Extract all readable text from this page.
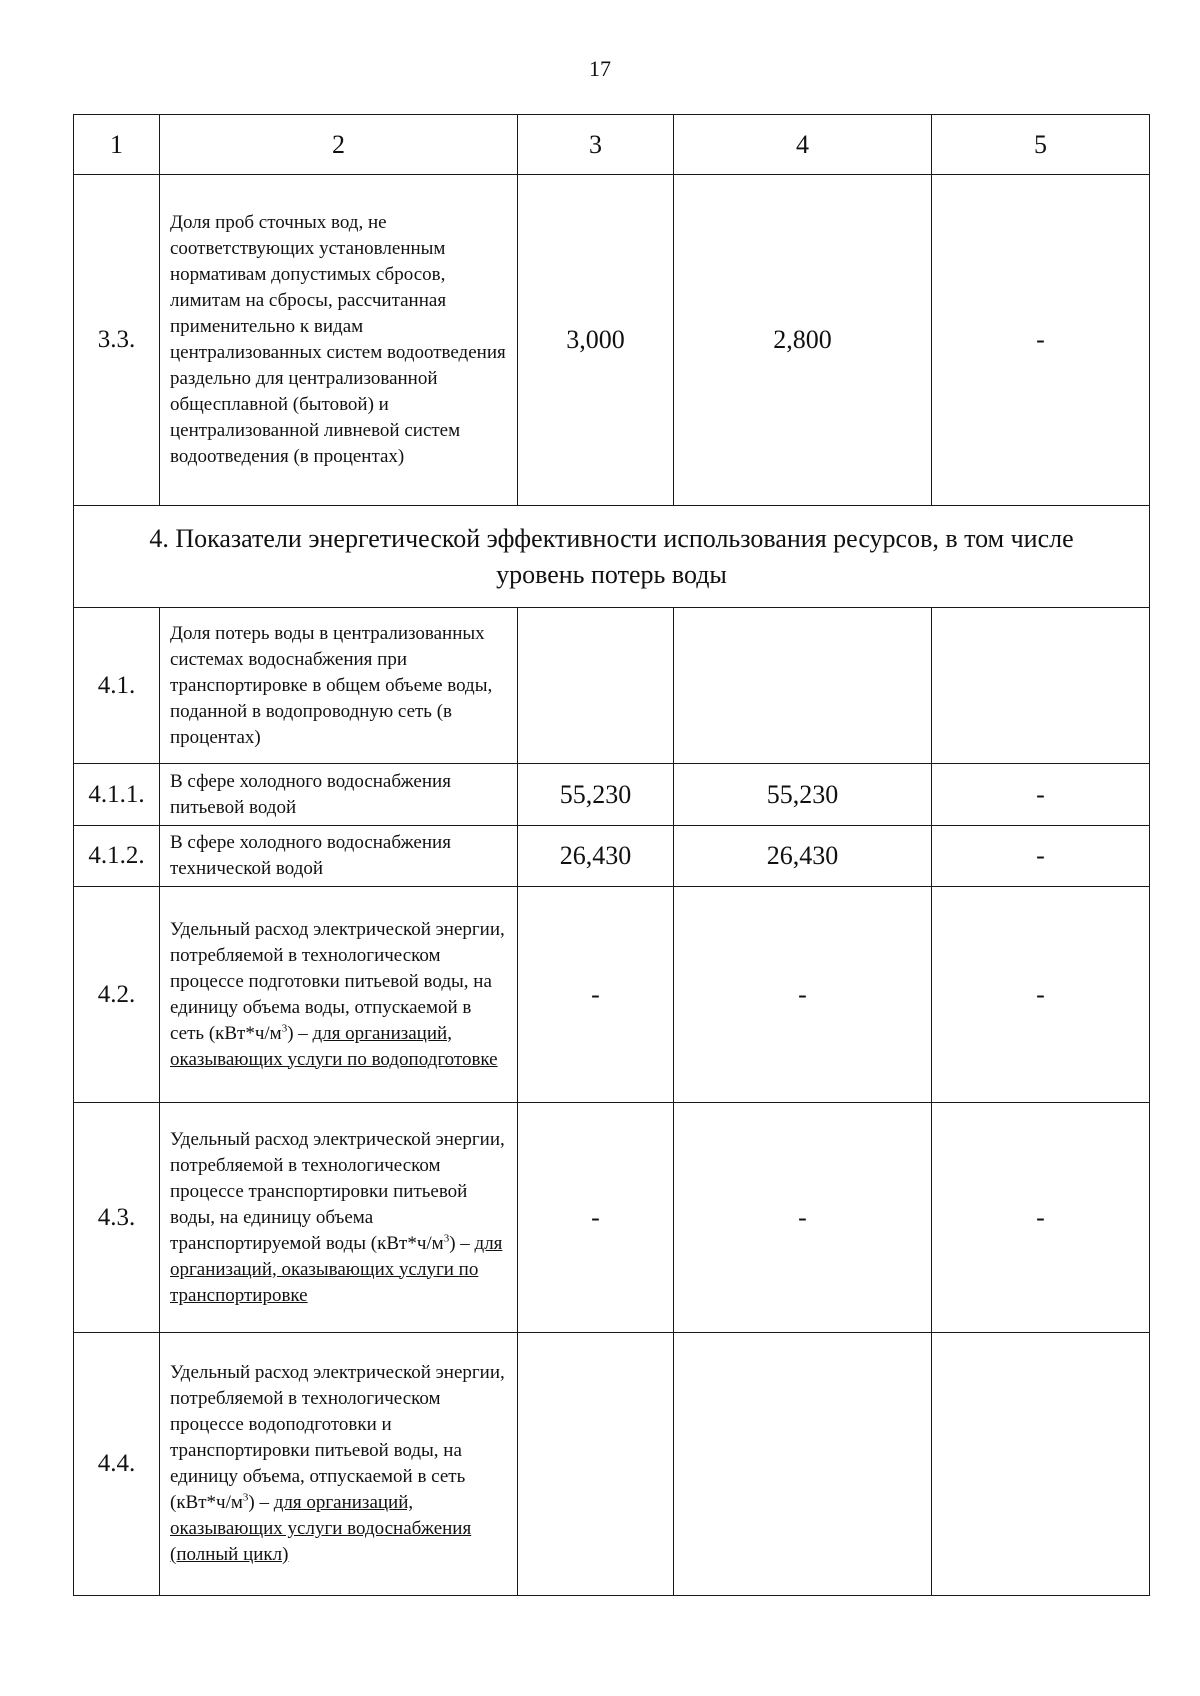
17
1	2	3	4	5
3.3.	Доля проб сточных вод, не соответствующих установленным нормативам допустимых сбросов, лимитам на сбросы, рассчитанная применительно к видам централизованных систем водоотведения раздельно для централизованной общесплавной (бытовой) и централизованной ливневой систем водоотведения (в процентах)	3,000	2,800	-
4. Показатели энергетической эффективности использования ресурсов, в том числе уровень потерь воды				
4.1.	Доля потерь воды в централизованных системах водоснабжения при транспортировке в общем объеме воды, поданной в водопроводную сеть (в процентах)			
4.1.1.	В сфере холодного водоснабжения питьевой водой	55,230	55,230	-
4.1.2.	В сфере холодного водоснабжения технической водой	26,430	26,430	-
4.2.	Удельный расход электрической энергии, потребляемой в технологическом процессе подготовки питьевой воды, на единицу объема воды, отпускаемой в сеть $(кВт*ч/м^3)$ – для организаций, оказывающих услуги по водоподготовке	-	-	-
4.3.	Удельный расход электрической энергии, потребляемой в технологическом процессе транспортировки питьевой воды, на единицу объема транспортируемой воды $(кВт*ч/м^3)$ – для организаций, оказывающих услуги по транспортировке	-	-	-
4.4.	Удельный расход электрической энергии, потребляемой в технологическом процессе водоподготовки и транспортировки питьевой воды, на единицу объема, отпускаемой в сеть $(кВт*ч/м^3)$ – для организаций, оказывающих услуги водоснабжения (полный цикл)			
